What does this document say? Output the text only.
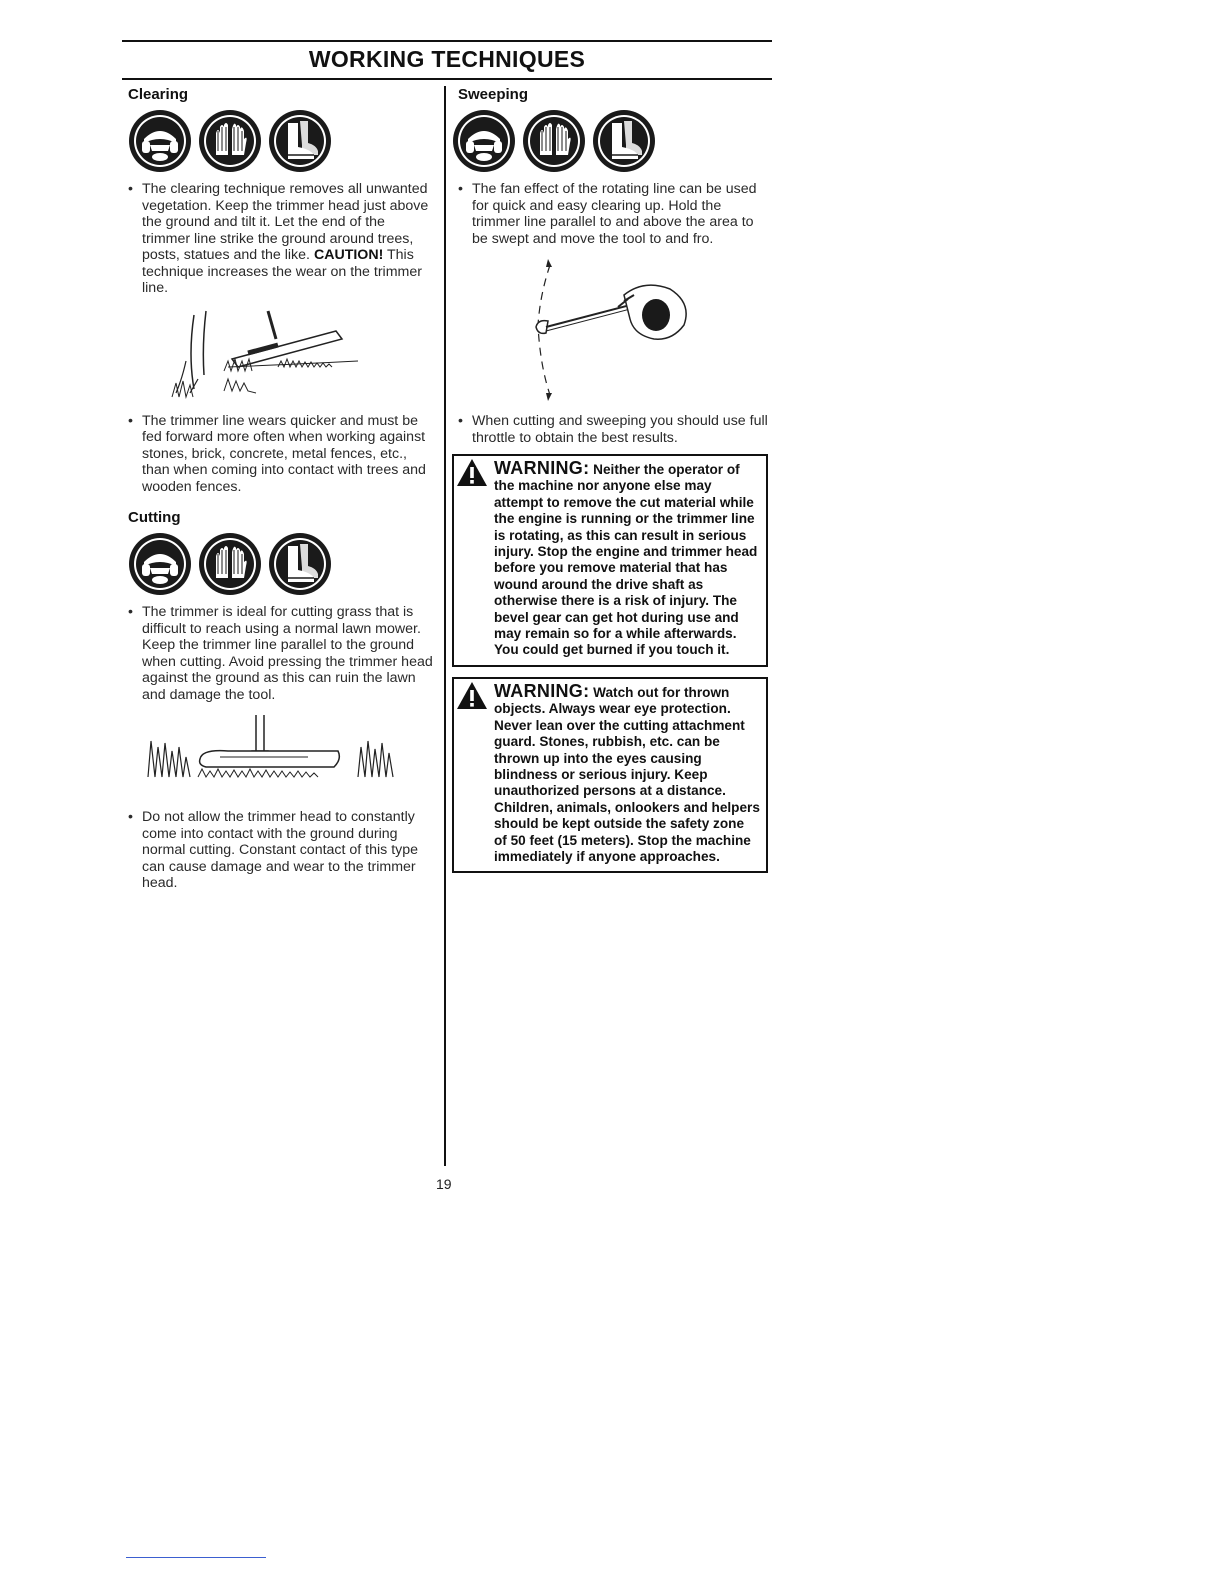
WORKING TECHNIQUES
Clearing

• The clearing technique removes all unwanted vegetation. Keep the trimmer head just above the ground and tilt it. Let the end of the trimmer line strike the ground around trees, posts, statues and the like. CAUTION! This technique increases the wear on the trimmer line.

• The trimmer line wears quicker and must be fed forward more often when working against stones, brick, concrete, metal fences, etc., than when coming into contact with trees and wooden fences.

Cutting

• The trimmer is ideal for cutting grass that is difficult to reach using a normal lawn mower. Keep the trimmer line parallel to the ground when cutting. Avoid pressing the trimmer head against the ground as this can ruin the lawn and damage the tool.

• Do not allow the trimmer head to constantly come into contact with the ground during normal cutting. Constant contact of this type can cause damage and wear to the trimmer head.

Sweeping

• The fan effect of the rotating line can be used for quick and easy clearing up. Hold the trimmer line parallel to and above the area to be swept and move the tool to and fro.

• When cutting and sweeping you should use full throttle to obtain the best results.

WARNING: Neither the operator of the machine nor anyone else may attempt to remove the cut material while the engine is running or the trimmer line is rotating, as this can result in serious injury. Stop the engine and trimmer head before you remove material that has wound around the drive shaft as otherwise there is a risk of injury. The bevel gear can get hot during use and may remain so for a while afterwards. You could get burned if you touch it.
WARNING: Watch out for thrown objects. Always wear eye protection. Never lean over the cutting attachment guard. Stones, rubbish, etc. can be thrown up into the eyes causing blindness or serious injury. Keep unauthorized persons at a distance. Children, animals, onlookers and helpers should be kept outside the safety zone of 50 feet (15 meters). Stop the machine immediately if anyone approaches.
19
